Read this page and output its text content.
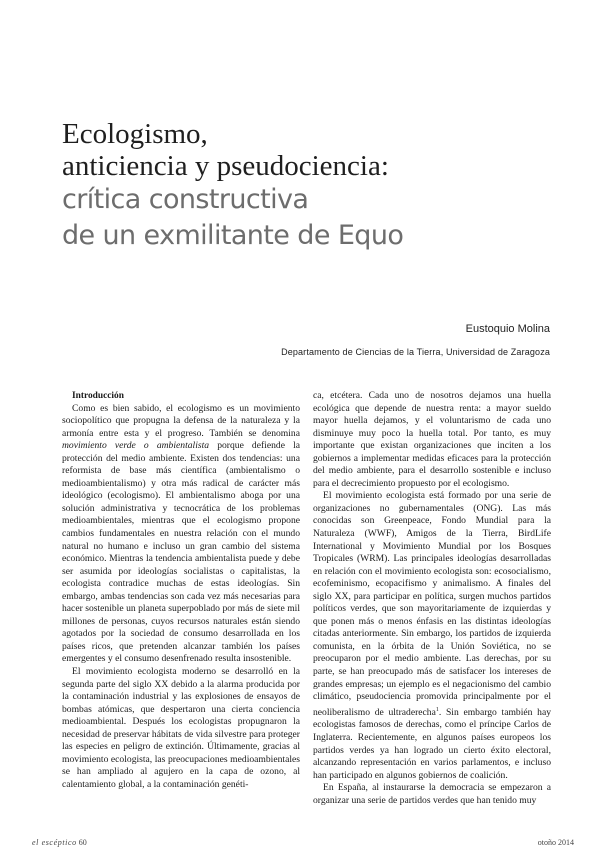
Ecologismo,
anticiencia y pseudociencia:
crítica constructiva
de un exmilitante de Equo
Eustoquio Molina
Departamento de Ciencias de la Tierra, Universidad de Zaragoza
Introducción

Como es bien sabido, el ecologismo es un movimiento sociopolítico que propugna la defensa de la naturaleza y la armonía entre esta y el progreso. También se denomina movimiento verde o ambientalista porque defiende la protección del medio ambiente. Existen dos tendencias: una reformista de base más científica (ambientalismo o medioambientalismo) y otra más radical de carácter más ideológico (ecologismo). El ambientalismo aboga por una solución administrativa y tecnocrática de los problemas medioambientales, mientras que el ecologismo propone cambios fundamentales en nuestra relación con el mundo natural no humano e incluso un gran cambio del sistema económico. Mientras la tendencia ambientalista puede y debe ser asumida por ideologías socialistas o capitalistas, la ecologista contradice muchas de estas ideologías. Sin embargo, ambas tendencias son cada vez más necesarias para hacer sostenible un planeta superpoblado por más de siete mil millones de personas, cuyos recursos naturales están siendo agotados por la sociedad de consumo desarrollada en los países ricos, que pretenden alcanzar también los países emergentes y el consumo desenfrenado resulta insostenible.

El movimiento ecologista moderno se desarrolló en la segunda parte del siglo XX debido a la alarma producida por la contaminación industrial y las explosiones de ensayos de bombas atómicas, que despertaron una cierta conciencia medioambiental. Después los ecologistas propugnaron la necesidad de preservar hábitats de vida silvestre para proteger las especies en peligro de extinción. Últimamente, gracias al movimiento ecologista, las preocupaciones medioambientales se han ampliado al agujero en la capa de ozono, al calentamiento global, a la contaminación genéti-

ca, etcétera. Cada uno de nosotros dejamos una huella ecológica que depende de nuestra renta: a mayor sueldo mayor huella dejamos, y el voluntarismo de cada uno disminuye muy poco la huella total. Por tanto, es muy importante que existan organizaciones que inciten a los gobiernos a implementar medidas eficaces para la protección del medio ambiente, para el desarrollo sostenible e incluso para el decrecimiento propuesto por el ecologismo.

El movimiento ecologista está formado por una serie de organizaciones no gubernamentales (ONG). Las más conocidas son Greenpeace, Fondo Mundial para la Naturaleza (WWF), Amigos de la Tierra, BirdLife International y Movimiento Mundial por los Bosques Tropicales (WRM). Las principales ideologías desarrolladas en relación con el movimiento ecologista son: ecosocialismo, ecofeminismo, ecopacifismo y animalismo. A finales del siglo XX, para participar en política, surgen muchos partidos políticos verdes, que son mayoritariamente de izquierdas y que ponen más o menos énfasis en las distintas ideologías citadas anteriormente. Sin embargo, los partidos de izquierda comunista, en la órbita de la Unión Soviética, no se preocuparon por el medio ambiente. Las derechas, por su parte, se han preocupado más de satisfacer los intereses de grandes empresas; un ejemplo es el negacionismo del cambio climático, pseudociencia promovida principalmente por el neoliberalismo de ultraderecha$^1$. Sin embargo también hay ecologistas famosos de derechas, como el príncipe Carlos de Inglaterra. Recientemente, en algunos países europeos los partidos verdes ya han logrado un cierto éxito electoral, alcanzando representación en varios parlamentos, e incluso han participado en algunos gobiernos de coalición.

En España, al instaurarse la democracia se empezaron a organizar una serie de partidos verdes que han tenido muy

el escéptico 60	otoño 2014
